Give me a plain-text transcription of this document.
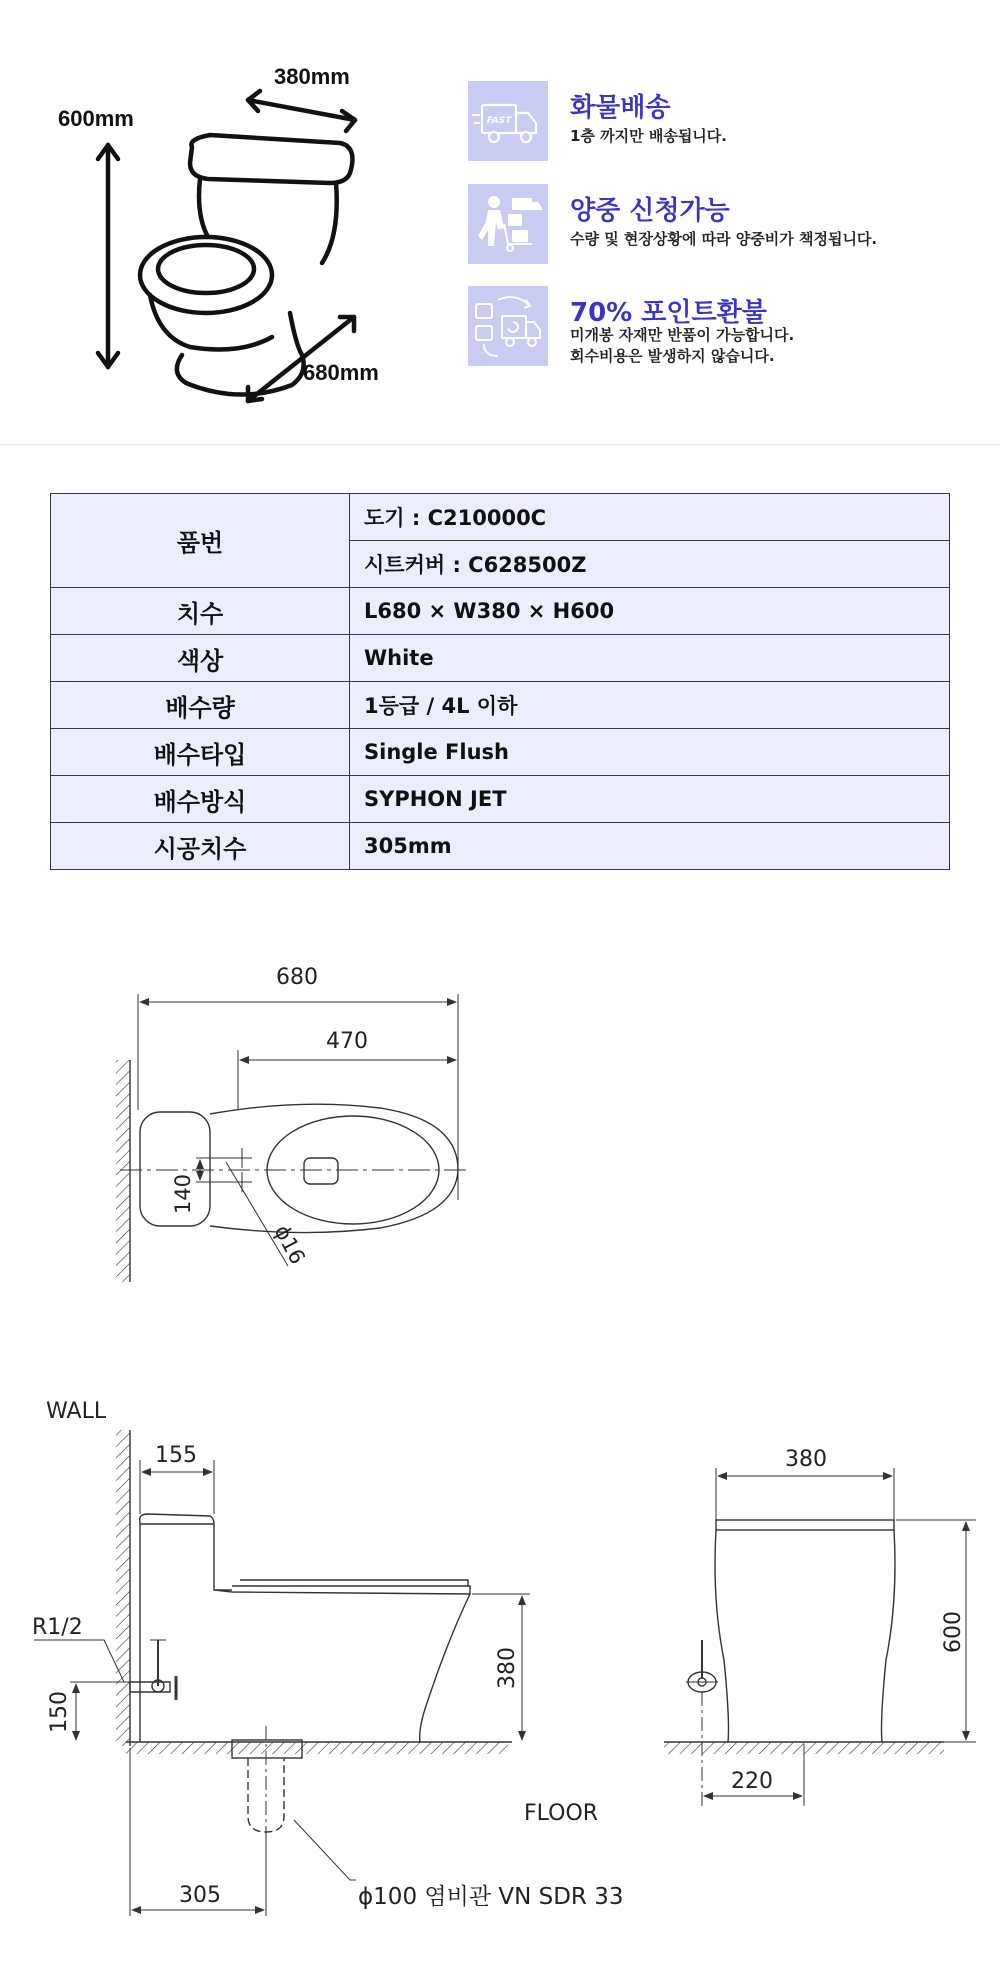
600mm
380mm
680mm
FAST 화물배송
1층 까지만 배송됩니다.
양중 신청가능
수량 및 현장상황에 따라 양중비가 책정됩니다.
70% 포인트환불
미개봉 자재만 반품이 가능합니다.
회수비용은 발생하지 않습니다.
품번	도기 : C210000C
	시트커버 : C628500Z
치수	L680 × W380 × H600
색상	White
배수량	1등급 / 4L 이하
배수타입	Single Flush
배수방식	SYPHON JET
시공치수	305mm
680
470
140
ϕ16
WALL
FLOOR
155
R1/2
150
380
305	ϕ100 염비관 VN SDR 33
380
600
220
